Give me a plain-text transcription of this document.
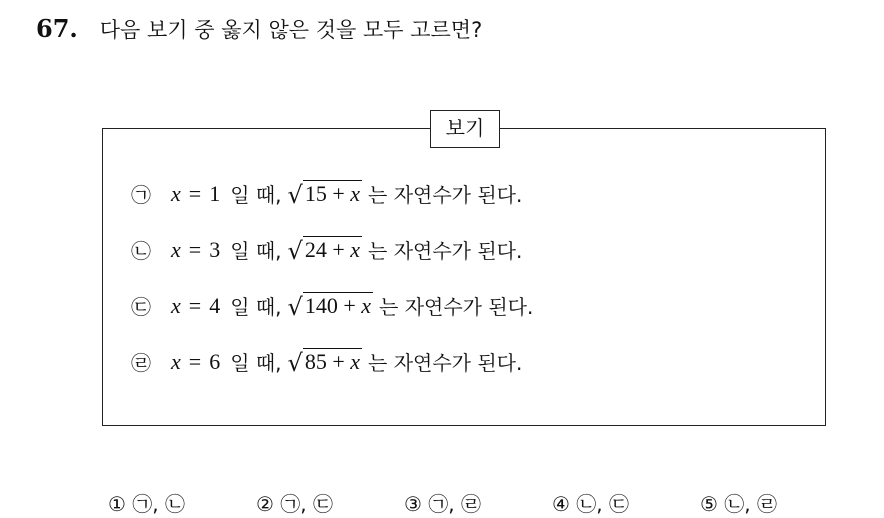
67. 다음 보기 중 옳지 않은 것을 모두 고르면?
보기
㉠ x = 1 일 때, √ 15 + x 는 자연수가 된다.
㉡ x = 3 일 때, √ 24 + x 는 자연수가 된다.
㉢ x = 4 일 때, √ 140 + x 는 자연수가 된다.
㉣ x = 6 일 때, √ 85 + x 는 자연수가 된다.
① ㉠, ㉡	② ㉠, ㉢	③ ㉠, ㉣	④ ㉡, ㉢	⑤ ㉡, ㉣
